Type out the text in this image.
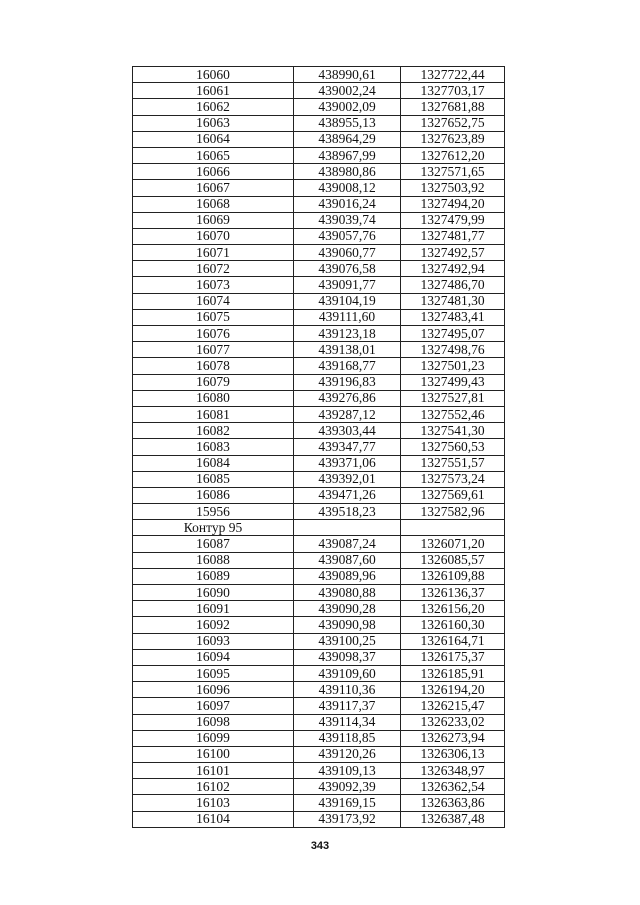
16060	438990,61	1327722,44
16061	439002,24	1327703,17
16062	439002,09	1327681,88
16063	438955,13	1327652,75
16064	438964,29	1327623,89
16065	438967,99	1327612,20
16066	438980,86	1327571,65
16067	439008,12	1327503,92
16068	439016,24	1327494,20
16069	439039,74	1327479,99
16070	439057,76	1327481,77
16071	439060,77	1327492,57
16072	439076,58	1327492,94
16073	439091,77	1327486,70
16074	439104,19	1327481,30
16075	439111,60	1327483,41
16076	439123,18	1327495,07
16077	439138,01	1327498,76
16078	439168,77	1327501,23
16079	439196,83	1327499,43
16080	439276,86	1327527,81
16081	439287,12	1327552,46
16082	439303,44	1327541,30
16083	439347,77	1327560,53
16084	439371,06	1327551,57
16085	439392,01	1327573,24
16086	439471,26	1327569,61
15956	439518,23	1327582,96
Контур 95		
16087	439087,24	1326071,20
16088	439087,60	1326085,57
16089	439089,96	1326109,88
16090	439080,88	1326136,37
16091	439090,28	1326156,20
16092	439090,98	1326160,30
16093	439100,25	1326164,71
16094	439098,37	1326175,37
16095	439109,60	1326185,91
16096	439110,36	1326194,20
16097	439117,37	1326215,47
16098	439114,34	1326233,02
16099	439118,85	1326273,94
16100	439120,26	1326306,13
16101	439109,13	1326348,97
16102	439092,39	1326362,54
16103	439169,15	1326363,86
16104	439173,92	1326387,48
343
